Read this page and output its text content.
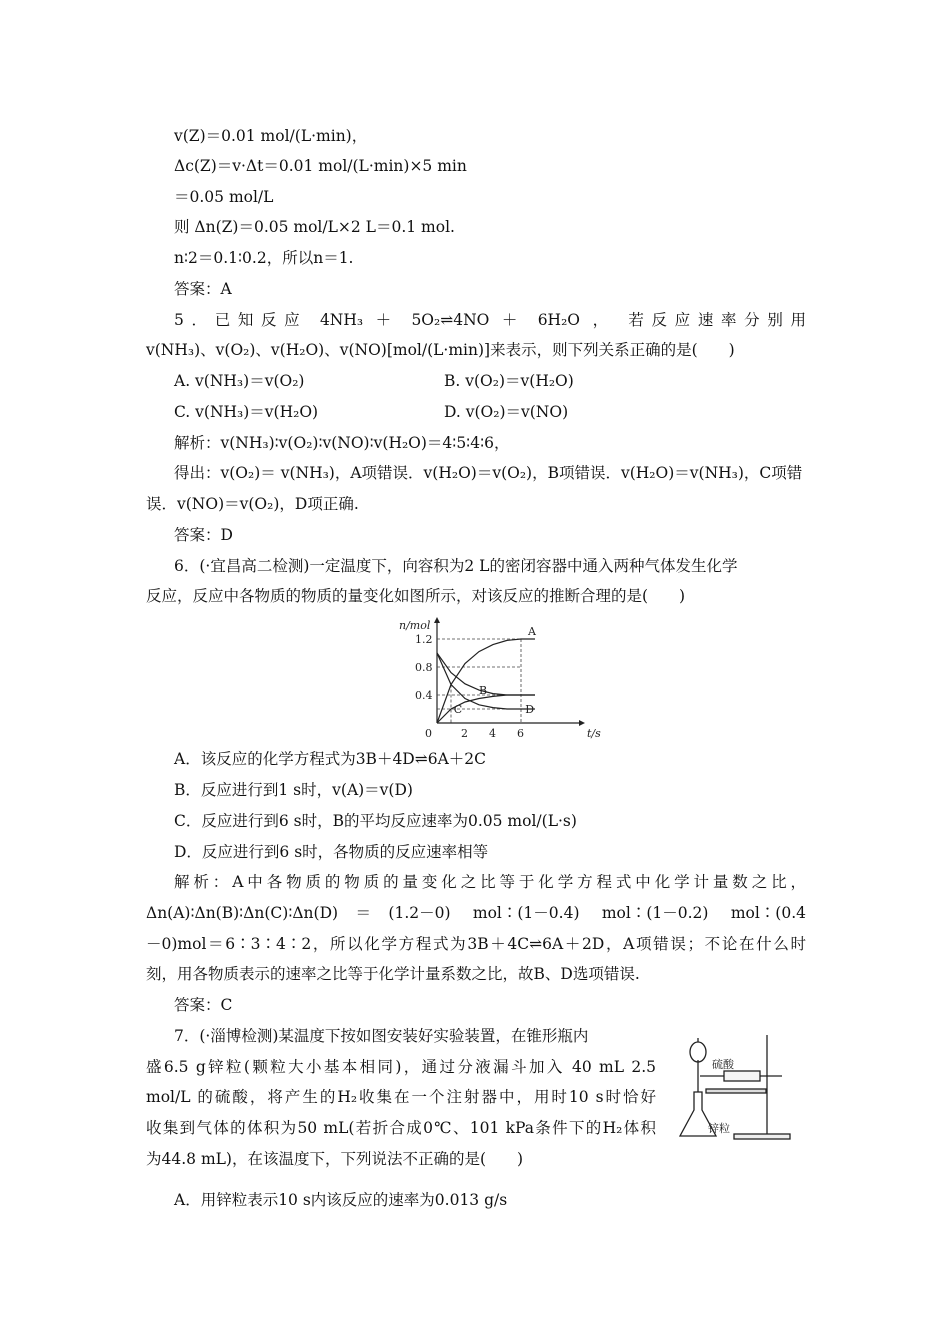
v(Z)＝0.01 mol/(L·min)，
Δc(Z)＝v·Δt＝0.01 mol/(L·min)×5 min
＝0.05 mol/L
则 Δn(Z)＝0.05 mol/L×2 L＝0.1 mol.
n∶2＝0.1∶0.2，所以n＝1.
答案：A
5．已知反应 4NH₃ ＋ 5O₂⇌4NO ＋ 6H₂O ， 若反应速率分别用
v(NH₃)、v(O₂)、v(H₂O)、v(NO)[mol/(L·min)]来表示，则下列关系正确的是(　　)
A. v(NH₃)＝v(O₂)	B. v(O₂)＝v(H₂O)
C. v(NH₃)＝v(H₂O)	D. v(O₂)＝v(NO)
解析：v(NH₃)∶v(O₂)∶v(NO)∶v(H₂O)＝4∶5∶4∶6，
得出：v(O₂)＝ v(NH₃)，A项错误．v(H₂O)＝v(O₂)，B项错误．v(H₂O)＝v(NH₃)，C项错
误．v(NO)＝v(O₂)，D项正确.
答案：D
6．(·宜昌高二检测)一定温度下，向容积为2 L的密闭容器中通入两种气体发生化学
反应，反应中各物质的物质的量变化如图所示，对该反应的推断合理的是(　　)
n/mol
t/s
0.4
0.8
1.2
0	2 4 6
A
B
C	D
A．该反应的化学方程式为3B＋4D⇌6A＋2C
B．反应进行到1 s时，v(A)＝v(D)
C．反应进行到6 s时，B的平均反应速率为0.05 mol/(L·s)
D．反应进行到6 s时，各物质的反应速率相等
解析：A中各物质的物质的量变化之比等于化学方程式中化学计量数之比，
Δn(A)∶Δn(B)∶Δn(C)∶Δn(D)＝(1.2－0) mol∶(1－0.4) mol∶(1－0.2) mol∶(0.4
－0)mol＝6∶3∶4∶2，所以化学方程式为3B＋4C⇌6A＋2D，A项错误；不论在什么时
刻，用各物质表示的速率之比等于化学计量系数之比，故B、D选项错误.
答案：C
7．(·淄博检测)某温度下按如图安装好实验装置，在锥形瓶内
盛6.5 g锌粒(颗粒大小基本相同)，通过分液漏斗加入 40 mL 2.5
mol/L 的硫酸，将产生的H₂收集在一个注射器中，用时10 s时恰好
收集到气体的体积为50 mL(若折合成0℃、101 kPa条件下的H₂体积
为44.8 mL)，在该温度下，下列说法不正确的是(　　)
A．用锌粒表示10 s内该反应的速率为0.013 g/s
硫酸
锌粒
